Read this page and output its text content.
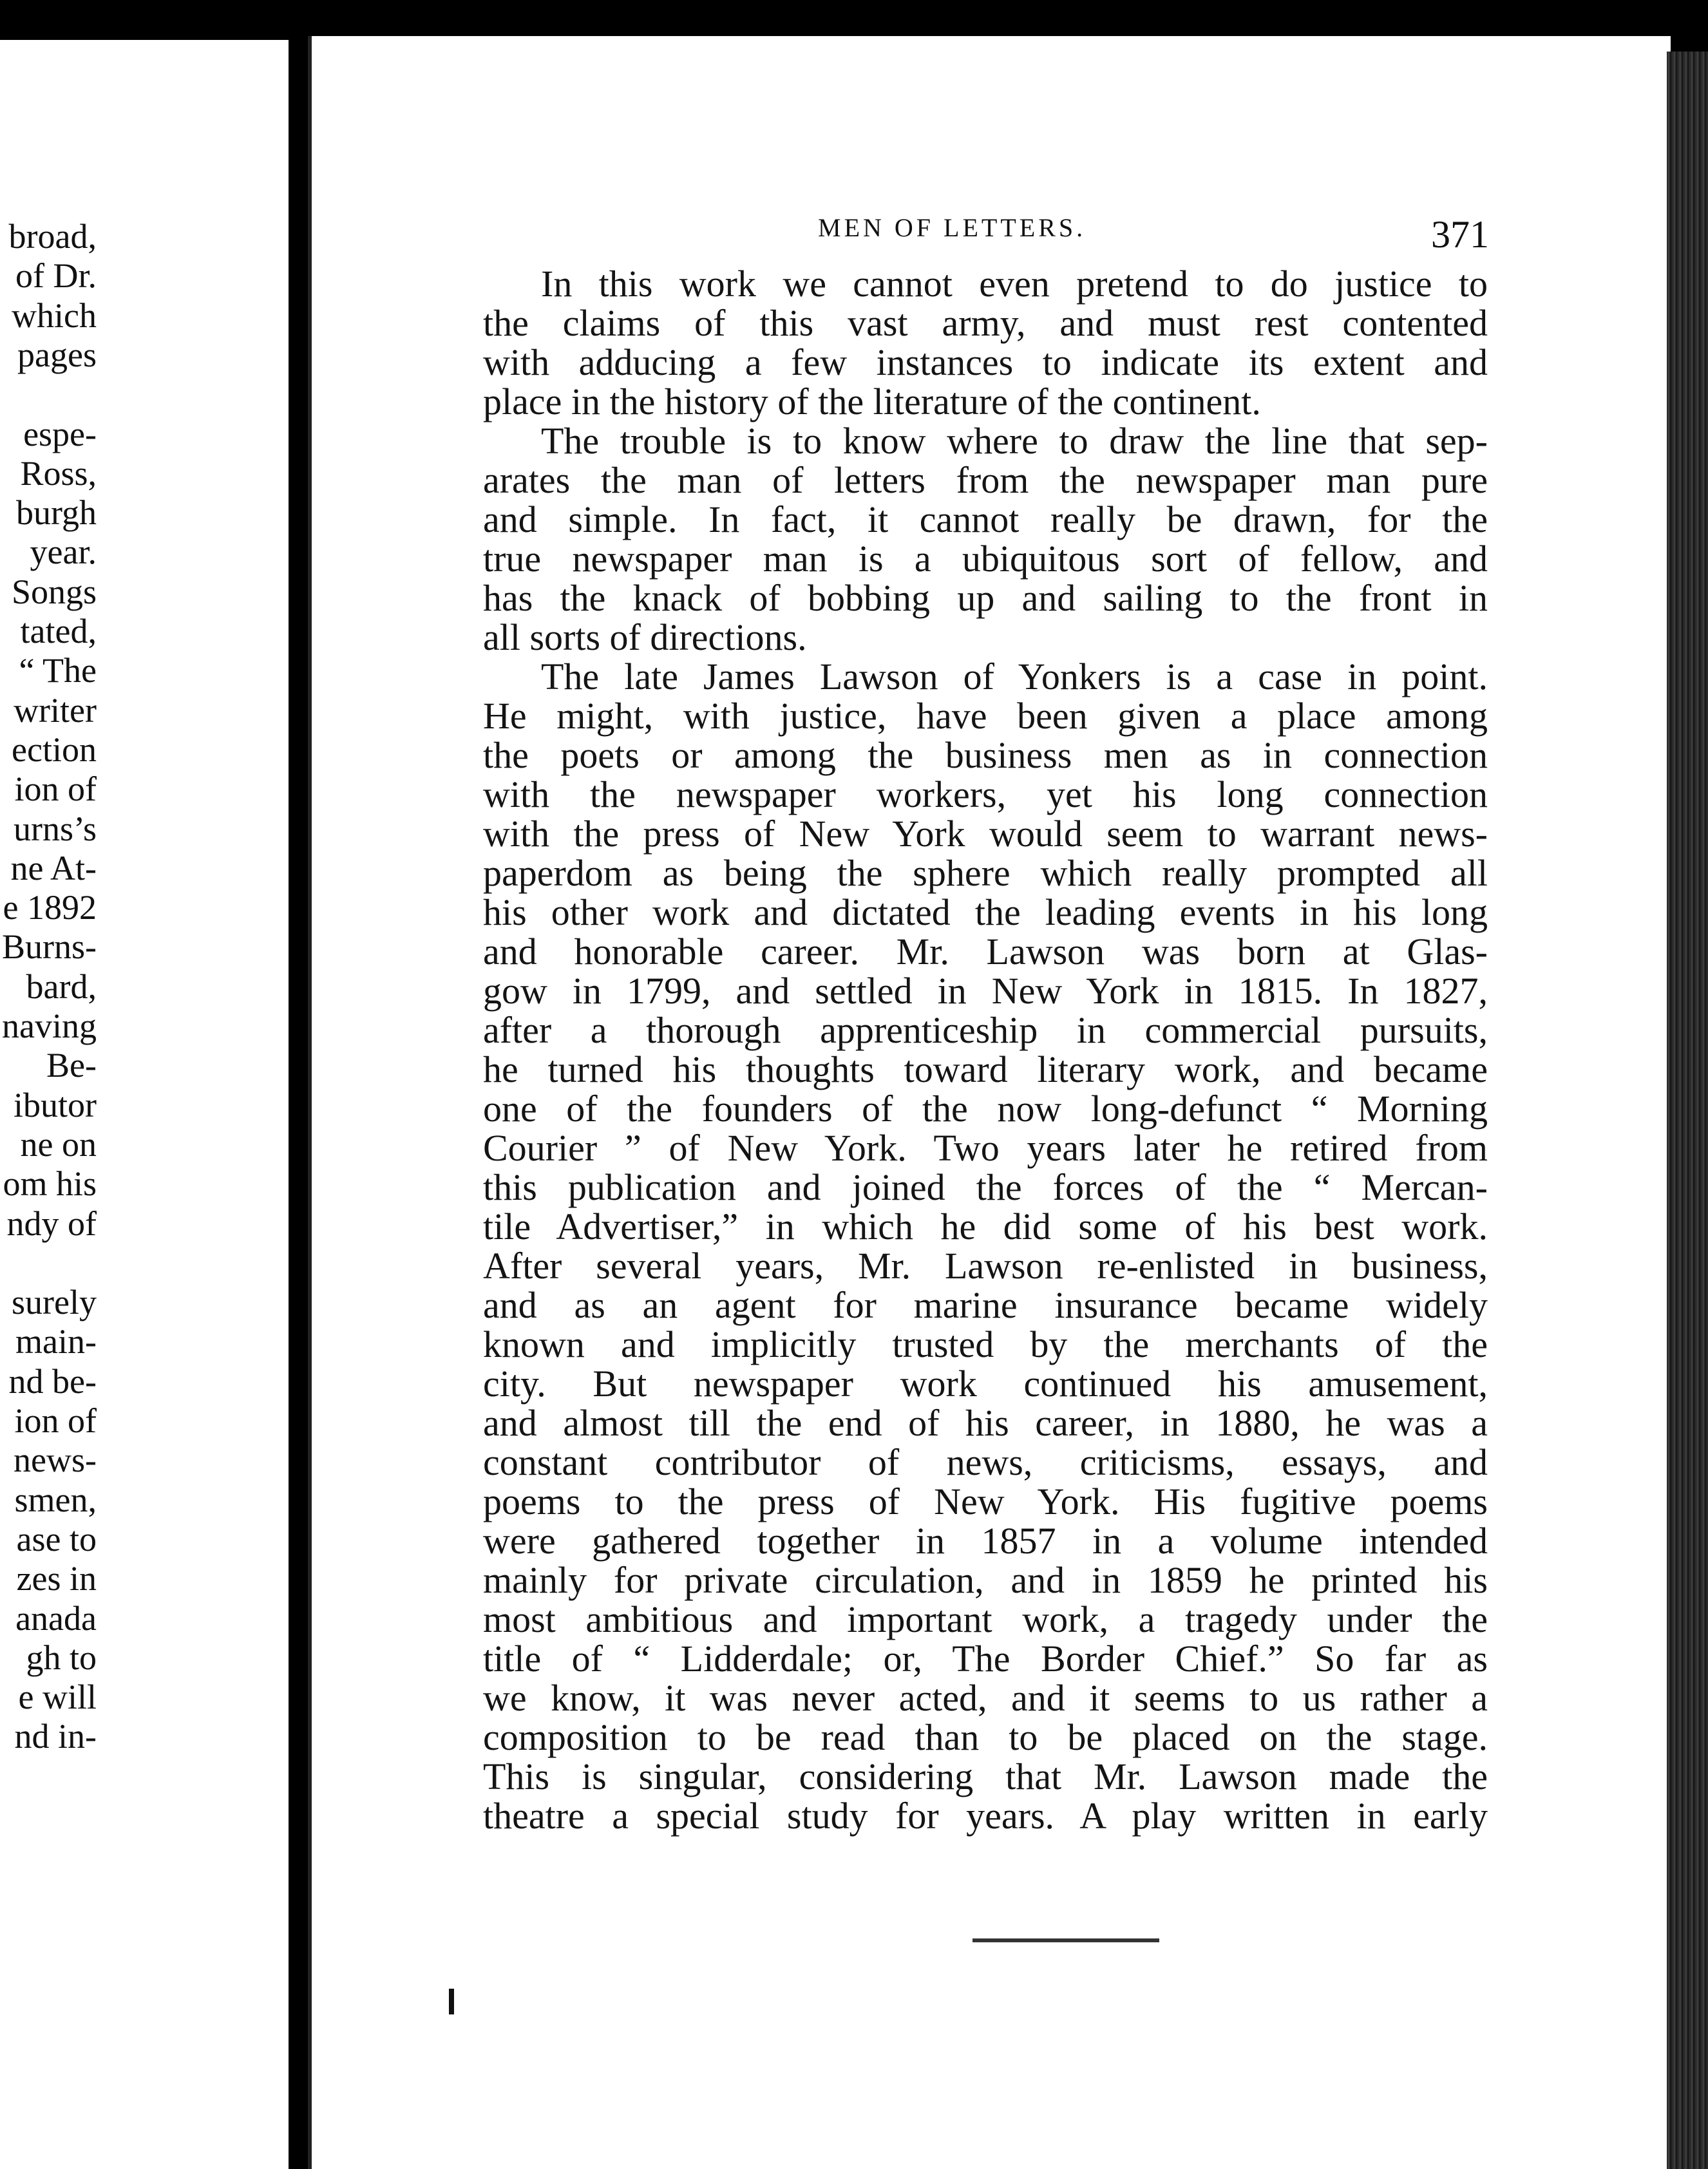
broad,
of Dr.
which
pages
espe-
Ross,
burgh
year.
Songs
tated,
“ The
writer
ection
ion of
urns’s
ne At-
e 1892
Burns-
bard,
naving
Be-
ibutor
ne on
om his
ndy of
surely
main-
nd be-
ion of
news-
smen,
ase to
zes in
anada
gh to
e will
nd in-
MEN OF LETTERS.	371
In this work we cannot even pretend to do justice to
the claims of this vast army, and must rest contented
with adducing a few instances to indicate its extent and
place in the history of the literature of the continent.
The trouble is to know where to draw the line that sep-
arates the man of letters from the newspaper man pure
and simple. In fact, it cannot really be drawn, for the
true newspaper man is a ubiquitous sort of fellow, and
has the knack of bobbing up and sailing to the front in
all sorts of directions.
The late James Lawson of Yonkers is a case in point.
He might, with justice, have been given a place among
the poets or among the business men as in connection
with the newspaper workers, yet his long connection
with the press of New York would seem to warrant news-
paperdom as being the sphere which really prompted all
his other work and dictated the leading events in his long
and honorable career. Mr. Lawson was born at Glas-
gow in 1799, and settled in New York in 1815. In 1827,
after a thorough apprenticeship in commercial pursuits,
he turned his thoughts toward literary work, and became
one of the founders of the now long-defunct “ Morning
Courier ” of New York. Two years later he retired from
this publication and joined the forces of the “ Mercan-
tile Advertiser,” in which he did some of his best work.
After several years, Mr. Lawson re-enlisted in business,
and as an agent for marine insurance became widely
known and implicitly trusted by the merchants of the
city. But newspaper work continued his amusement,
and almost till the end of his career, in 1880, he was a
constant contributor of news, criticisms, essays, and
poems to the press of New York. His fugitive poems
were gathered together in 1857 in a volume intended
mainly for private circulation, and in 1859 he printed his
most ambitious and important work, a tragedy under the
title of “ Lidderdale; or, The Border Chief.” So far as
we know, it was never acted, and it seems to us rather a
composition to be read than to be placed on the stage.
This is singular, considering that Mr. Lawson made the
theatre a special study for years. A play written in early
